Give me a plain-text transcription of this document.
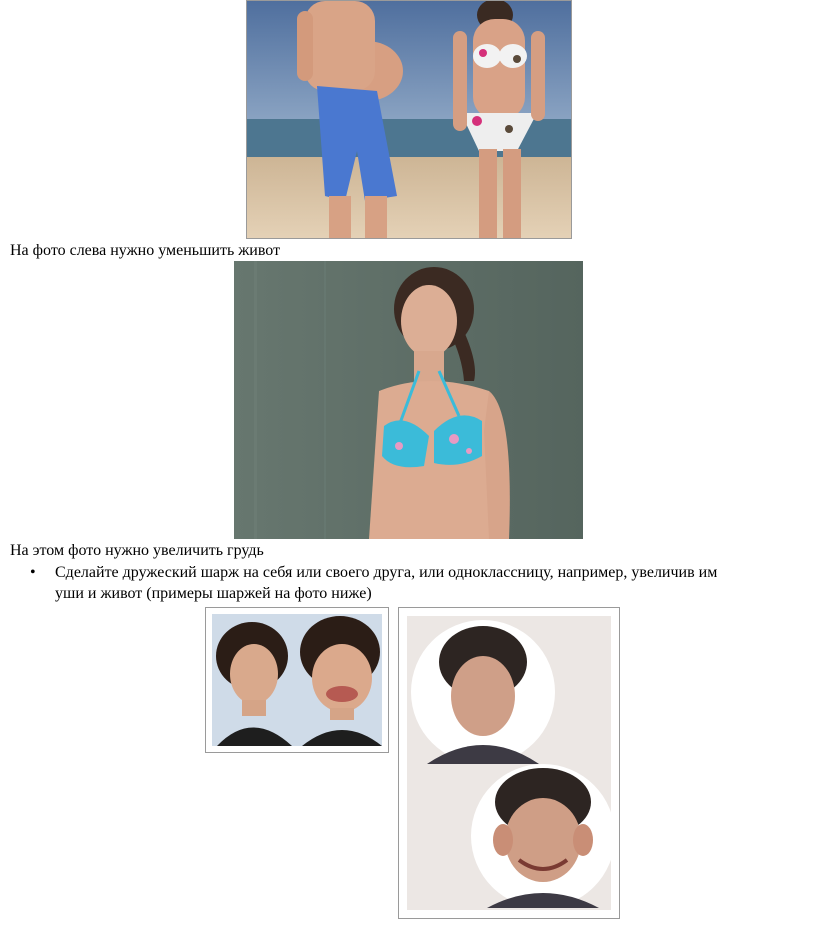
На фото слева нужно уменьшить живот
На этом фото нужно увеличить грудь
• Сделайте дружеский шарж на себя или своего друга, или одноклассницу, например, увеличив им
уши и живот (примеры шаржей на фото ниже)
